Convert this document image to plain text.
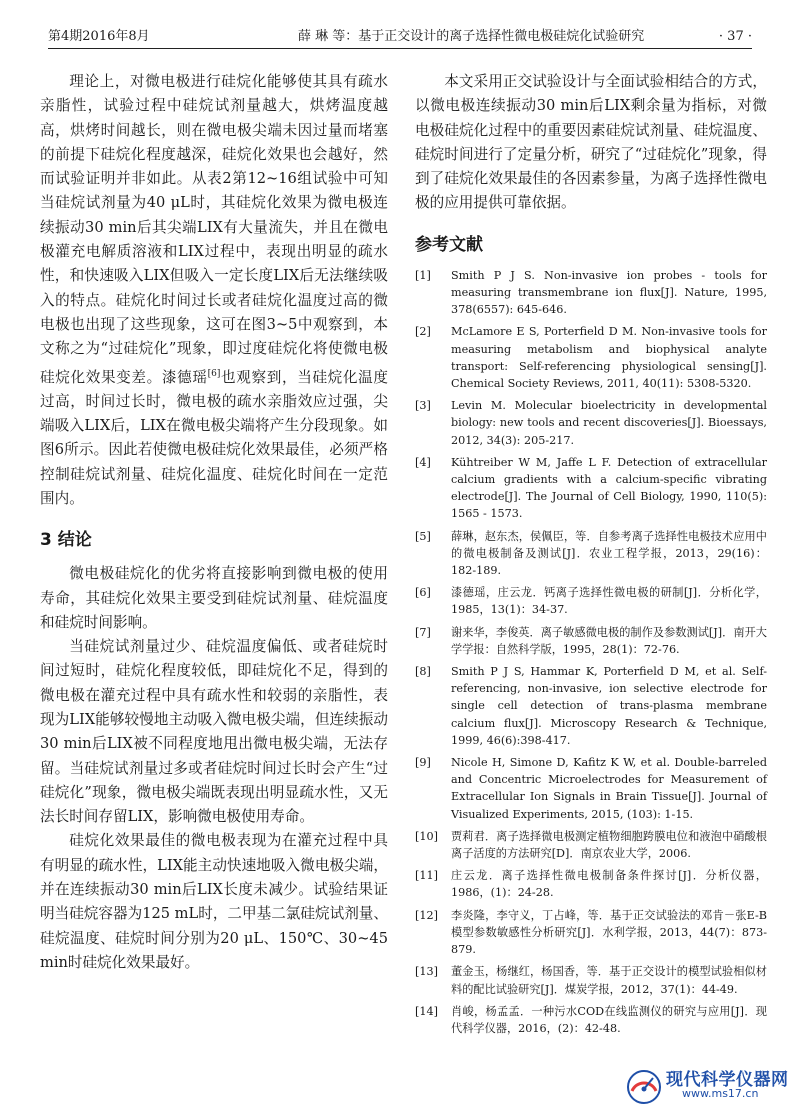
第4期2016年8月	薛 琳 等：基于正交设计的离子选择性微电极硅烷化试验研究	· 37 ·

理论上，对微电极进行硅烷化能够使其具有疏水亲脂性，试验过程中硅烷试剂量越大，烘烤温度越高，烘烤时间越长，则在微电极尖端未因过量而堵塞的前提下硅烷化程度越深，硅烷化效果也会越好，然而试验证明并非如此。从表2第12~16组试验中可知当硅烷试剂量为40 μL时，其硅烷化效果为微电极连续振动30 min后其尖端LIX有大量流失，并且在微电极灌充电解质溶液和LIX过程中，表现出明显的疏水性，和快速吸入LIX但吸入一定长度LIX后无法继续吸入的特点。硅烷化时间过长或者硅烷化温度过高的微电极也出现了这些现象，这可在图3~5中观察到，本文称之为“过硅烷化”现象，即过度硅烷化将使微电极硅烷化效果变差。漆德瑶[6]也观察到，当硅烷化温度过高，时间过长时，微电极的疏水亲脂效应过强，尖端吸入LIX后，LIX在微电极尖端将产生分段现象。如图6所示。因此若使微电极硅烷化效果最佳，必须严格控制硅烷试剂量、硅烷化温度、硅烷化时间在一定范围内。

3 结论

微电极硅烷化的优劣将直接影响到微电极的使用寿命，其硅烷化效果主要受到硅烷试剂量、硅烷温度和硅烷时间影响。

当硅烷试剂量过少、硅烷温度偏低、或者硅烷时间过短时，硅烷化程度较低，即硅烷化不足，得到的微电极在灌充过程中具有疏水性和较弱的亲脂性，表现为LIX能够较慢地主动吸入微电极尖端，但连续振动30 min后LIX被不同程度地甩出微电极尖端，无法存留。当硅烷试剂量过多或者硅烷时间过长时会产生“过硅烷化”现象，微电极尖端既表现出明显疏水性，又无法长时间存留LIX，影响微电极使用寿命。

硅烷化效果最佳的微电极表现为在灌充过程中具有明显的疏水性，LIX能主动快速地吸入微电极尖端，并在连续振动30 min后LIX长度未减少。试验结果证明当硅烷容器为125 mL时，二甲基二氯硅烷试剂量、硅烷温度、硅烷时间分别为20 μL、150℃、30~45 min时硅烷化效果最好。

本文采用正交试验设计与全面试验相结合的方式，以微电极连续振动30 min后LIX剩余量为指标，对微电极硅烷化过程中的重要因素硅烷试剂量、硅烷温度、硅烷时间进行了定量分析，研究了“过硅烷化”现象，得到了硅烷化效果最佳的各因素参量，为离子选择性微电极的应用提供可靠依据。

参考文献
[1]	Smith P J S. Non-invasive ion probes - tools for measuring transmembrane ion flux[J]. Nature, 1995, 378(6557): 645-646.
[2]	McLamore E S, Porterfield D M. Non-invasive tools for measuring metabolism and biophysical analyte transport: Self-referencing physiological sensing[J]. Chemical Society Reviews, 2011, 40(11): 5308-5320.
[3]	Levin M. Molecular bioelectricity in developmental biology: new tools and recent discoveries[J]. Bioessays, 2012, 34(3): 205-217.
[4]	Kühtreiber W M, Jaffe L F. Detection of extracellular calcium gradients with a calcium-specific vibrating electrode[J]. The Journal of Cell Biology, 1990, 110(5): 1565 - 1573.
[5]	薛琳，赵东杰，侯佩臣，等．自参考离子选择性电极技术应用中的微电极制备及测试[J]．农业工程学报，2013，29(16)：182-189.
[6]	漆德瑶，庄云龙．钙离子选择性微电极的研制[J]．分析化学，1985，13(1)：34-37.
[7]	谢来华，李俊英．离子敏感微电极的制作及参数测试[J]．南开大学学报：自然科学版，1995，28(1)：72-76.
[8]	Smith P J S, Hammar K, Porterfield D M, et al. Self-referencing, non-invasive, ion selective electrode for single cell detection of trans-plasma membrane calcium flux[J]. Microscopy Research & Technique, 1999, 46(6):398-417.
[9]	Nicole H, Simone D, Kafitz K W, et al. Double-barreled and Concentric Microelectrodes for Measurement of Extracellular Ion Signals in Brain Tissue[J]. Journal of Visualized Experiments, 2015, (103): 1-15.
[10]	贾莉君．离子选择微电极测定植物细胞跨膜电位和液泡中硝酸根离子活度的方法研究[D]．南京农业大学，2006.
[11]	庄云龙．离子选择性微电极制备条件探讨[J]．分析仪器，1986，(1)：24-28.
[12]	李炎隆，李守义，丁占峰，等．基于正交试验法的邓肯－张E-B模型参数敏感性分析研究[J]．水利学报，2013，44(7)：873-879.
[13]	董金玉，杨继红，杨国香，等．基于正交设计的模型试验相似材料的配比试验研究[J]．煤炭学报，2012，37(1)：44-49.
[14]	肖峻，杨孟孟．一种污水COD在线监测仪的研究与应用[J]．现代科学仪器，2016，(2)：42-48.
现代科学仪器网
www.ms17.cn
